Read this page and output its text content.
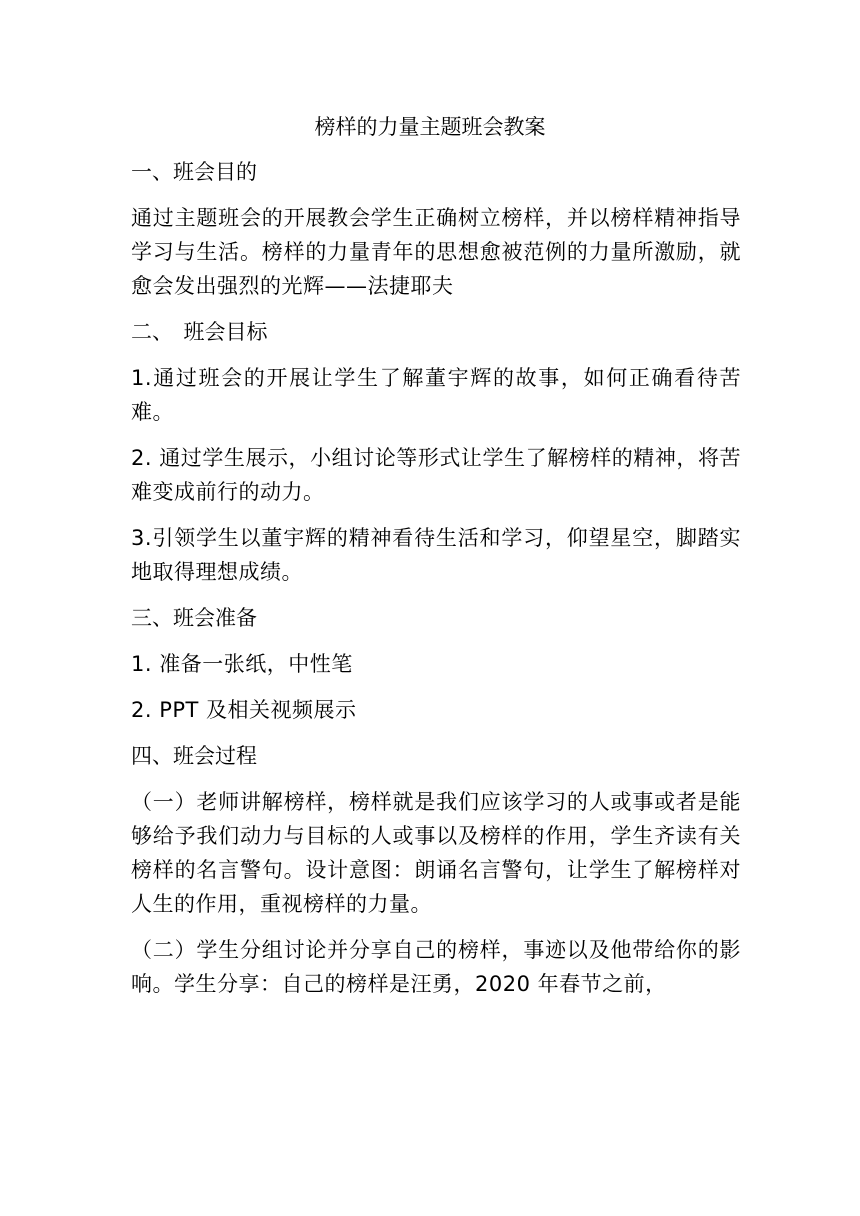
榜样的力量主题班会教案
一、班会目的
通过主题班会的开展教会学生正确树立榜样，并以榜样精神指导学习与生活。榜样的力量青年的思想愈被范例的力量所激励，就愈会发出强烈的光辉——法捷耶夫
二、　班会目标
1.通过班会的开展让学生了解董宇辉的故事，如何正确看待苦难。
2. 通过学生展示，小组讨论等形式让学生了解榜样的精神，将苦难变成前行的动力。
3.引领学生以董宇辉的精神看待生活和学习，仰望星空，脚踏实地取得理想成绩。
三、班会准备
1. 准备一张纸，中性笔
2. PPT 及相关视频展示
四、班会过程
（一）老师讲解榜样，榜样就是我们应该学习的人或事或者是能够给予我们动力与目标的人或事以及榜样的作用，学生齐读有关榜样的名言警句。设计意图：朗诵名言警句，让学生了解榜样对人生的作用，重视榜样的力量。
（二）学生分组讨论并分享自己的榜样，事迹以及他带给你的影响。学生分享：自己的榜样是汪勇，2020 年春节之前，
